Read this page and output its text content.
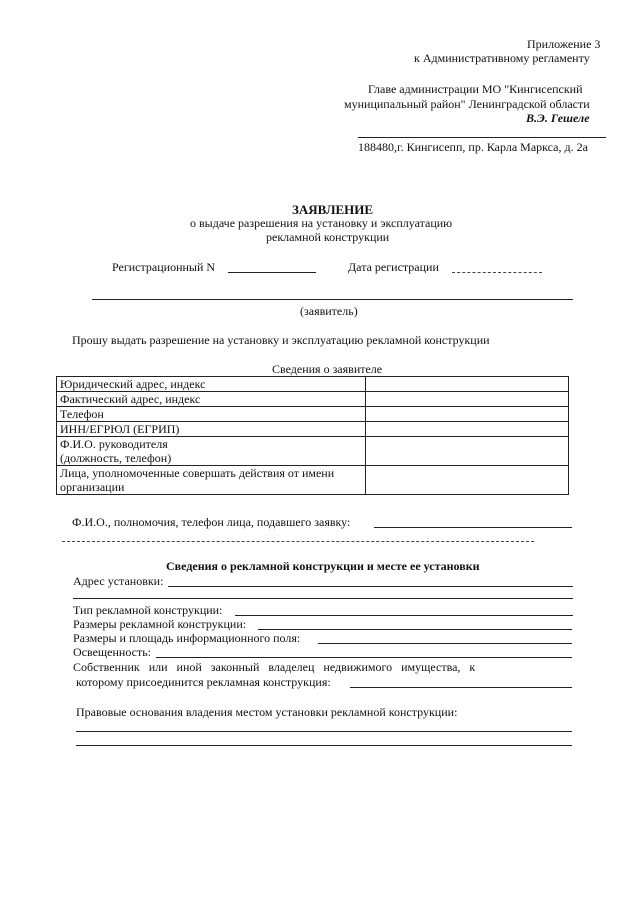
Приложение 3
к Административному регламенту
Главе администрации МО "Кингисепский
муниципальный район" Ленинградской области
В.Э. Гешеле
188480,г. Кингисепп, пр. Карла Маркса, д. 2а
ЗАЯВЛЕНИЕ
о выдаче разрешения на установку и эксплуатацию
рекламной конструкции
Регистрационный N	Дата регистрации
(заявитель)
Прошу выдать разрешение на установку и эксплуатацию рекламной конструкции
Сведения о заявителе
Юридический адрес, индекс	
Фактический адрес, индекс	
Телефон	
ИНН/ЕГРЮЛ (ЕГРИП)	
Ф.И.О. руководителя
(должность, телефон)	
Лица, уполномоченные совершать действия от имени
организации	
Ф.И.О., полномочия, телефон лица, подавшего заявку:
Сведения о рекламной конструкции и месте ее установки
Адрес установки:
Тип рекламной конструкции:
Размеры рекламной конструкции:
Размеры и площадь информационного поля:
Освещенность:
Собственник или иной законный владелец недвижимого имущества, к
которому присоединится рекламная конструкция:
Правовые основания владения местом установки рекламной конструкции:
